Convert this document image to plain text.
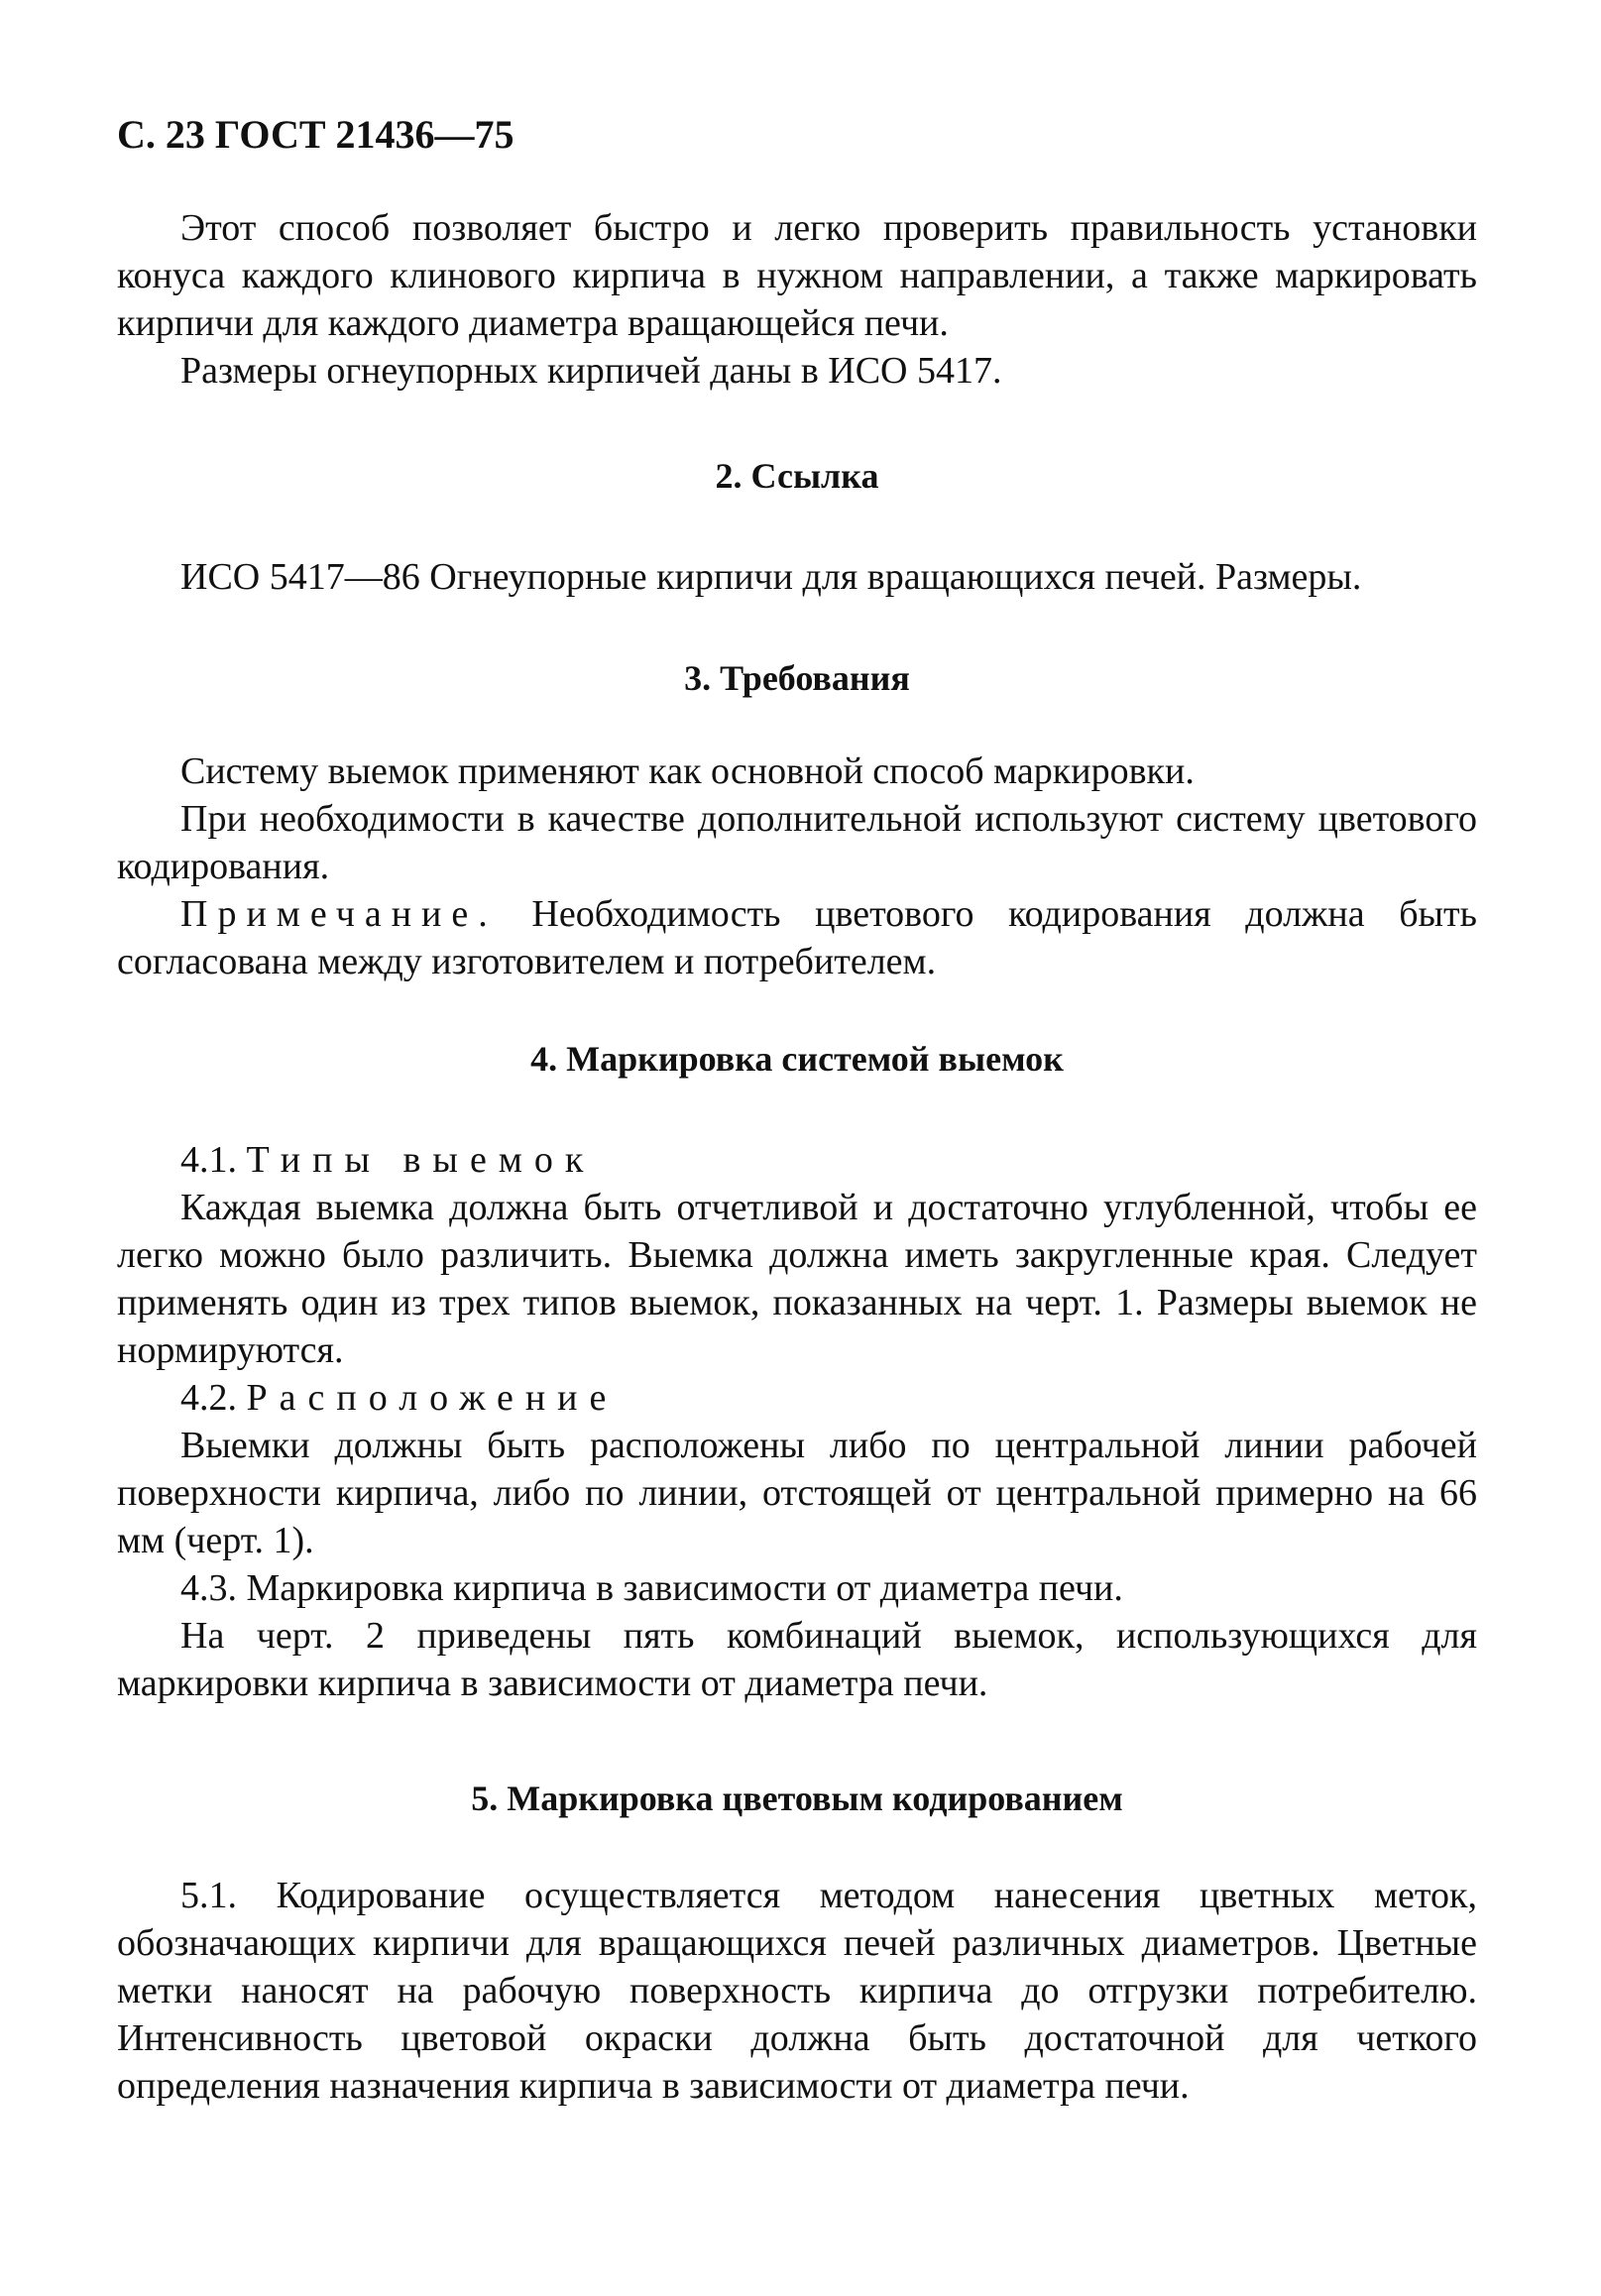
С. 23 ГОСТ 21436—75

Этот способ позволяет быстро и легко проверить правильность установки конуса каждого клинового кирпича в нужном направлении, а также маркировать кирпичи для каждого диаметра вращающейся печи.

Размеры огнеупорных кирпичей даны в ИСО 5417.

2. Ссылка

ИСО 5417—86 Огнеупорные кирпичи для вращающихся печей. Размеры.

3. Требования

Систему выемок применяют как основной способ маркировки.

При необходимости в качестве дополнительной используют систему цветового кодирования.

Примечание. Необходимость цветового кодирования должна быть согласована между изготовителем и потребителем.

4. Маркировка системой выемок

4.1. Типы выемок

Каждая выемка должна быть отчетливой и достаточно углубленной, чтобы ее легко можно было различить. Выемка должна иметь закругленные края. Следует применять один из трех типов выемок, показанных на черт. 1. Размеры выемок не нормируются.

4.2. Расположение

Выемки должны быть расположены либо по центральной линии рабочей поверхности кирпича, либо по линии, отстоящей от центральной примерно на 66 мм (черт. 1).

4.3. Маркировка кирпича в зависимости от диаметра печи.

На черт. 2 приведены пять комбинаций выемок, использующихся для маркировки кирпича в зависимости от диаметра печи.

5. Маркировка цветовым кодированием

5.1. Кодирование осуществляется методом нанесения цветных меток, обозначающих кирпичи для вращающихся печей различных диаметров. Цветные метки наносят на рабочую поверхность кирпича до отгрузки потребителю. Интенсивность цветовой окраски должна быть достаточной для четкого определения назначения кирпича в зависимости от диаметра печи.
